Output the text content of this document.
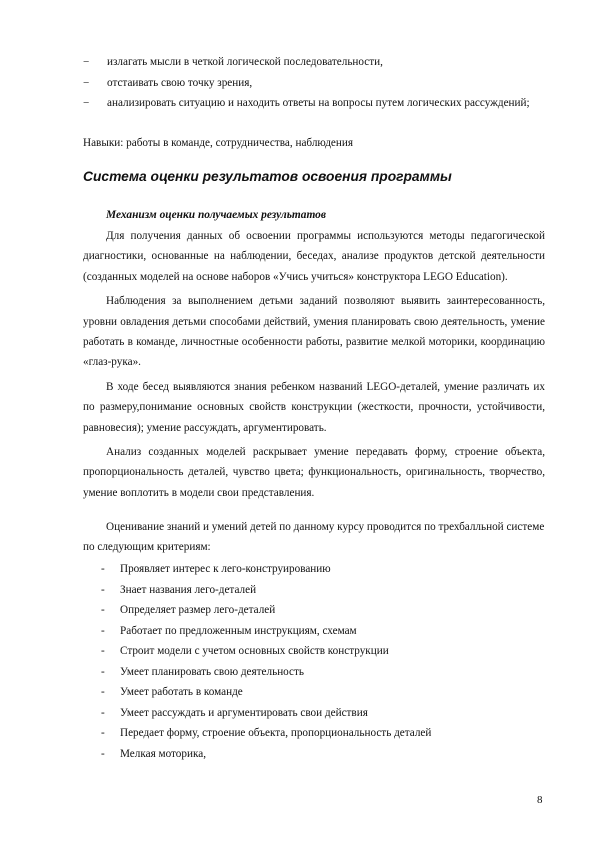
− излагать мысли в четкой логической последовательности,
− отстаивать свою точку зрения,
− анализировать ситуацию и находить ответы на вопросы путем логических рассуждений;
Навыки: работы в команде, сотрудничества, наблюдения
Система оценки результатов освоения программы
Механизм оценки получаемых результатов

Для получения данных об освоении программы используются методы педагогической диагностики, основанные на наблюдении, беседах, анализе продуктов детской деятельности (созданных моделей на основе наборов «Учись учиться» конструктора LEGO Education).

Наблюдения за выполнением детьми заданий позволяют выявить заинтересованность, уровни овладения детьми способами действий, умения планировать свою деятельность, умение работать в команде, личностные особенности работы, развитие мелкой моторики, координацию «глаз-рука».

В ходе бесед выявляются знания ребенком названий LEGO-деталей, умение различать их по размеру,понимание основных свойств конструкции (жесткости, прочности, устойчивости, равновесия); умение рассуждать, аргументировать.

Анализ созданных моделей раскрывает умение передавать форму, строение объекта, пропорциональность деталей, чувство цвета; функциональность, оригинальность, творчество, умение воплотить в модели свои представления.

Оценивание знаний и умений детей по данному курсу проводится по трехбалльной системе по следующим критериям:

- Проявляет интерес к лего-конструированию
- Знает названия лего-деталей
- Определяет размер лего-деталей
- Работает по предложенным инструкциям, схемам
- Строит модели с учетом основных свойств конструкции
- Умеет планировать свою деятельность
- Умеет работать в команде
- Умеет рассуждать и аргументировать свои действия
- Передает форму, строение объекта, пропорциональность деталей
- Мелкая моторика,
8
